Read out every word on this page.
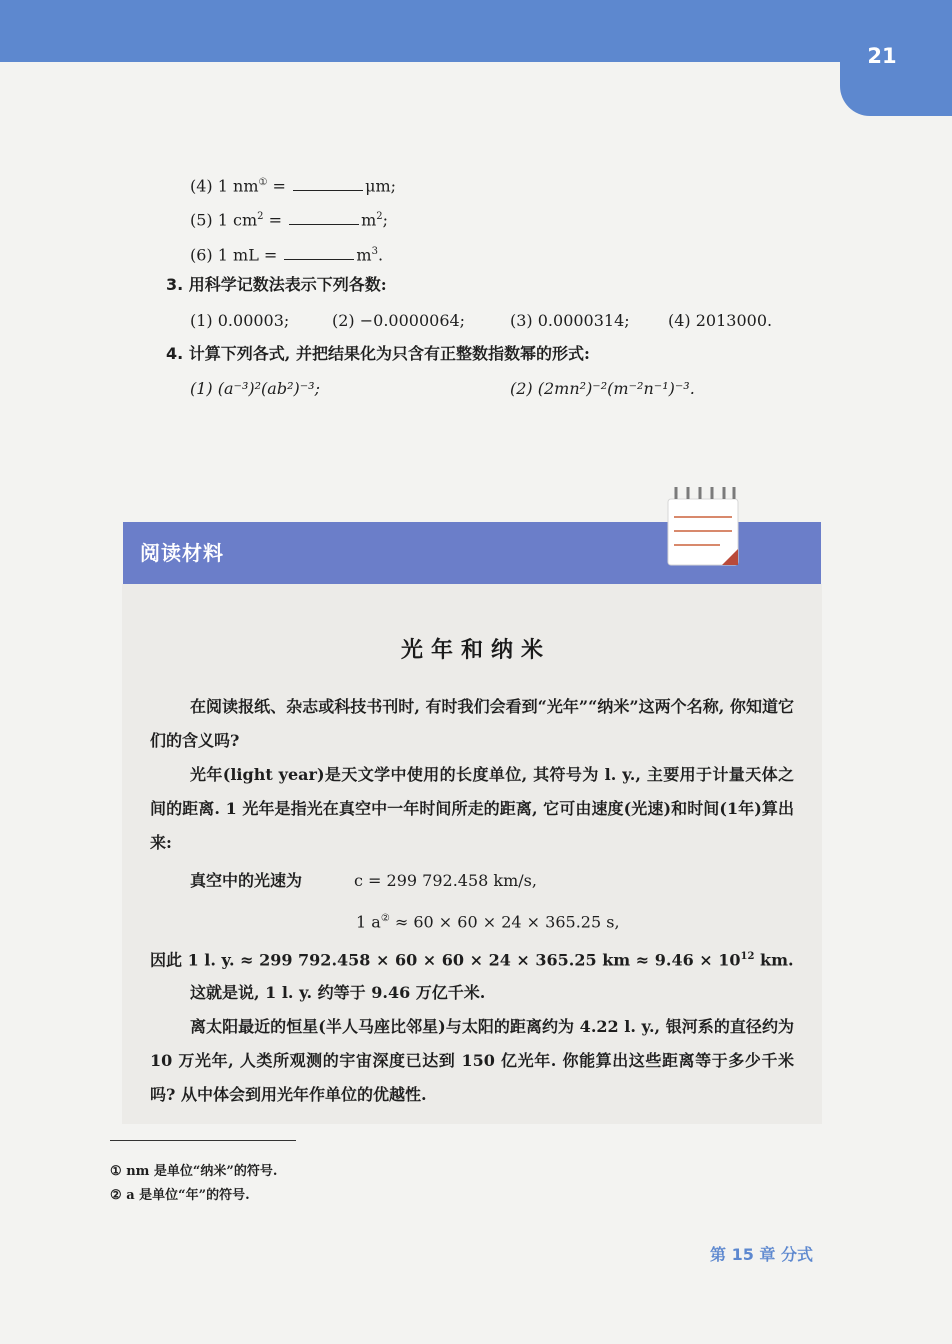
21
(4) 1 nm① =	μm;
(5) 1 $cm^2$ =	$m^2$;
(6) 1 mL =	$m^3$.
3. 用科学记数法表示下列各数:
(1) 0.00003;	(2) −0.0000064;	(3) 0.0000314; (4) 2013000.
4. 计算下列各式, 并把结果化为只含有正整数指数幂的形式:
(1) (a⁻³)²(ab²)⁻³;	(2) (2mn²)⁻²(m⁻²n⁻¹)⁻³.
阅读材料
光年和纳米
在阅读报纸、杂志或科技书刊时, 有时我们会看到“光年”“纳米”这两个名称, 你知道它们的含义吗?
光年(light year)是天文学中使用的长度单位, 其符号为 l. y., 主要用于计量天体之间的距离. 1 光年是指光在真空中一年时间所走的距离, 它可由速度(光速)和时间(1年)算出来:
真空中的光速为	c = 299 792.458 km/s,
1 a② ≈ 60 × 60 × 24 × 365.25 s,
因此 1 l. y. ≈ 299 792.458 × 60 × 60 × 24 × 365.25 km ≈ $9.46 \times 10^{12}$ km.
这就是说, 1 l. y. 约等于 9.46 万亿千米.
离太阳最近的恒星(半人马座比邻星)与太阳的距离约为 4.22 l. y., 银河系的直径约为 10 万光年, 人类所观测的宇宙深度已达到 150 亿光年. 你能算出这些距离等于多少千米吗? 从中体会到用光年作单位的优越性.
① nm 是单位“纳米”的符号.
② a 是单位“年”的符号.
第 15 章 分式
